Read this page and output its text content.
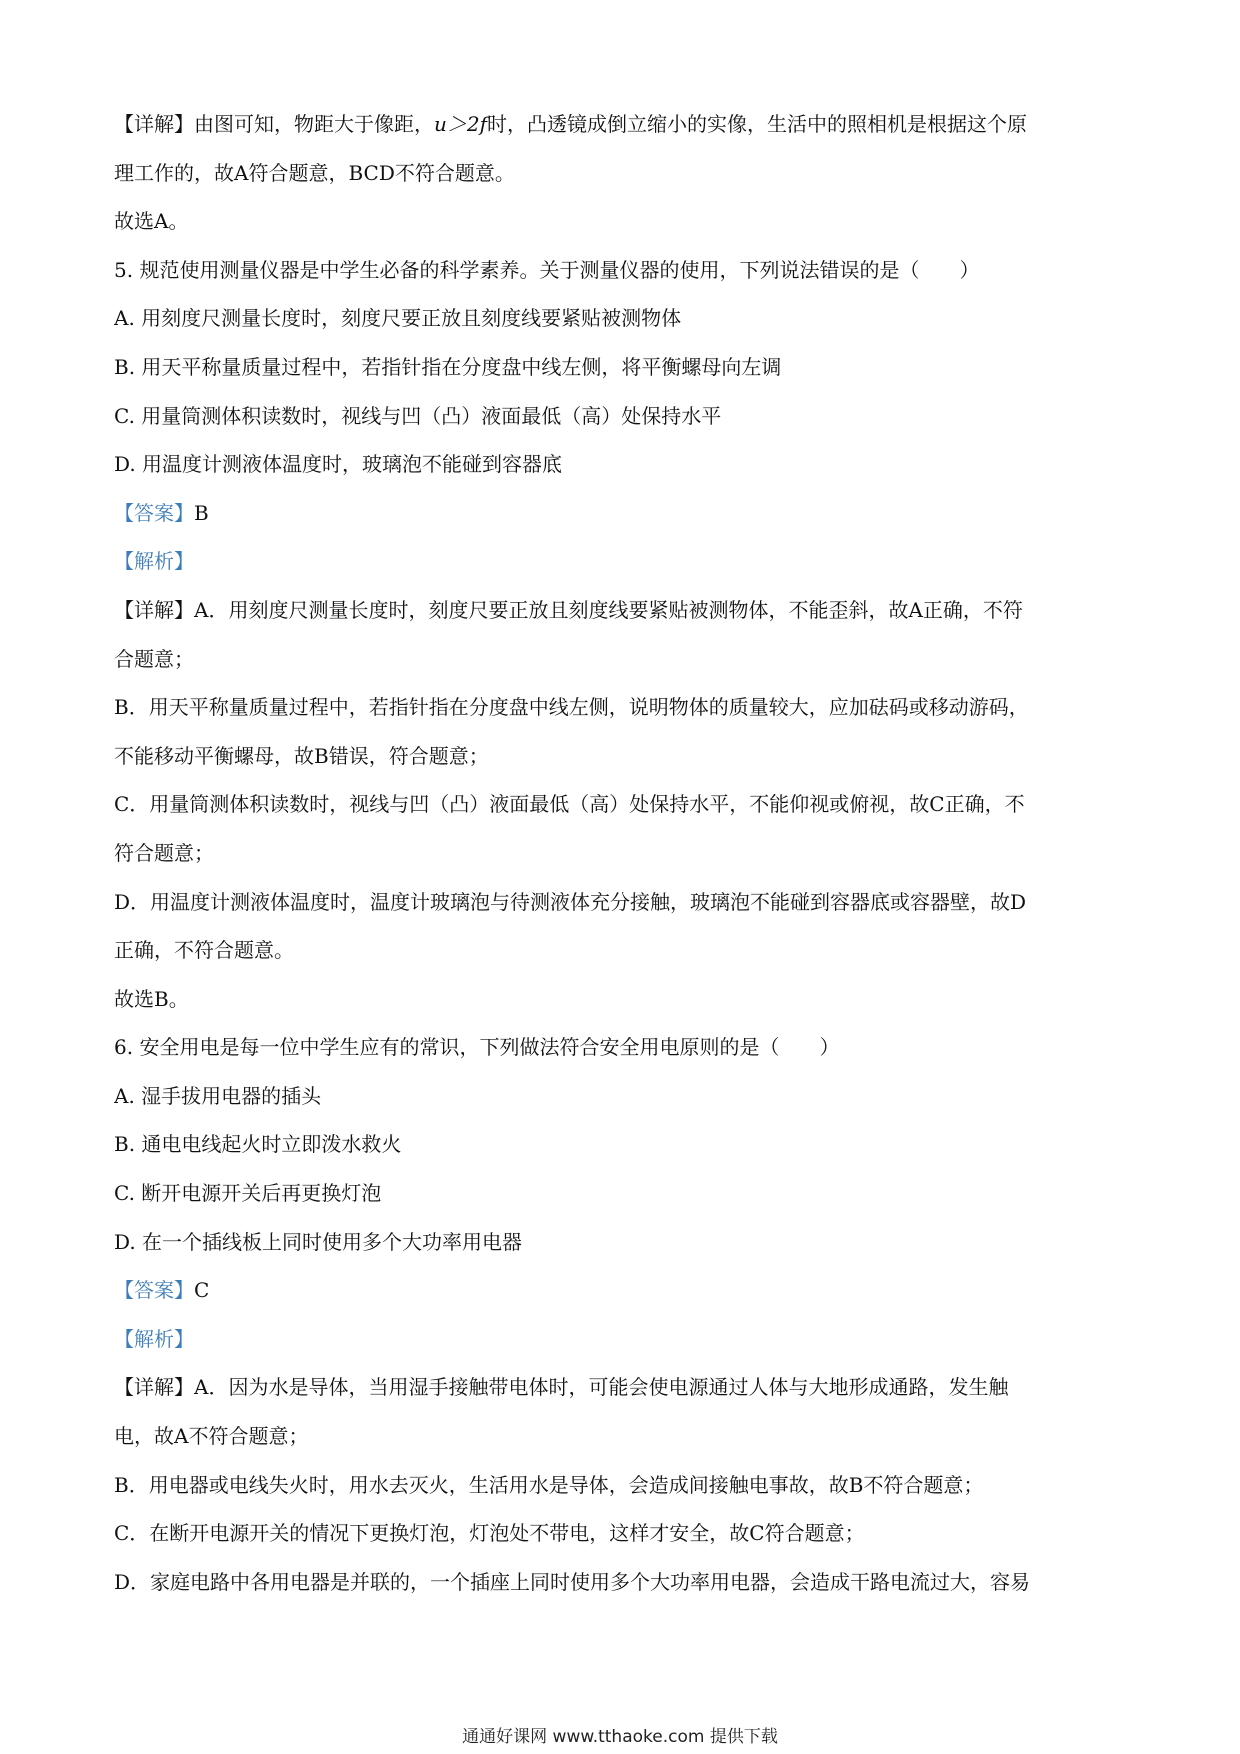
【详解】由图可知，物距大于像距，u＞2f时，凸透镜成倒立缩小的实像，生活中的照相机是根据这个原
理工作的，故A符合题意，BCD不符合题意。
故选A。
5. 规范使用测量仪器是中学生必备的科学素养。关于测量仪器的使用，下列说法错误的是（　　）
A. 用刻度尺测量长度时，刻度尺要正放且刻度线要紧贴被测物体
B. 用天平称量质量过程中，若指针指在分度盘中线左侧，将平衡螺母向左调
C. 用量筒测体积读数时，视线与凹（凸）液面最低（高）处保持水平
D. 用温度计测液体温度时，玻璃泡不能碰到容器底
【答案】B
【解析】
【详解】A．用刻度尺测量长度时，刻度尺要正放且刻度线要紧贴被测物体，不能歪斜，故A正确，不符
合题意；
B．用天平称量质量过程中，若指针指在分度盘中线左侧，说明物体的质量较大，应加砝码或移动游码，
不能移动平衡螺母，故B错误，符合题意；
C．用量筒测体积读数时，视线与凹（凸）液面最低（高）处保持水平，不能仰视或俯视，故C正确，不
符合题意；
D．用温度计测液体温度时，温度计玻璃泡与待测液体充分接触，玻璃泡不能碰到容器底或容器壁，故D
正确，不符合题意。
故选B。
6. 安全用电是每一位中学生应有的常识，下列做法符合安全用电原则的是（　　）
A. 湿手拔用电器的插头
B. 通电电线起火时立即泼水救火
C. 断开电源开关后再更换灯泡
D. 在一个插线板上同时使用多个大功率用电器
【答案】C
【解析】
【详解】A．因为水是导体，当用湿手接触带电体时，可能会使电源通过人体与大地形成通路，发生触
电，故A不符合题意；
B．用电器或电线失火时，用水去灭火，生活用水是导体，会造成间接触电事故，故B不符合题意；
C．在断开电源开关的情况下更换灯泡，灯泡处不带电，这样才安全，故C符合题意；
D．家庭电路中各用电器是并联的，一个插座上同时使用多个大功率用电器，会造成干路电流过大，容易
通通好课网 www.tthaoke.com 提供下载
